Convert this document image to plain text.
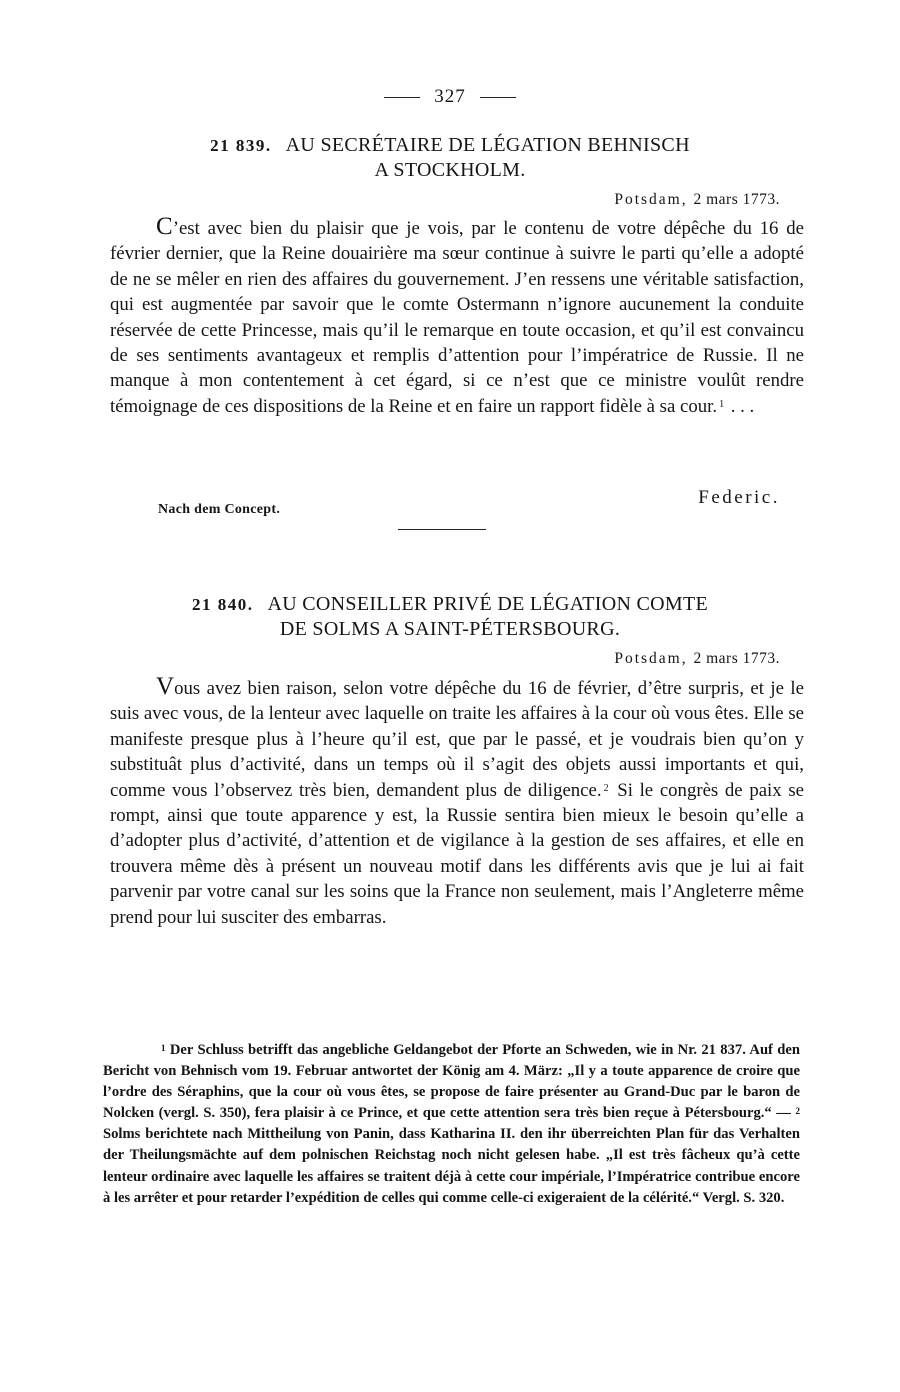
327
21 839. AU SECRÉTAIRE DE LÉGATION BEHNISCH
A STOCKHOLM.
Potsdam, 2 mars 1773.

C’est avec bien du plaisir que je vois, par le contenu de votre dépêche du 16 de février dernier, que la Reine douairière ma sœur continue à suivre le parti qu’elle a adopté de ne se mêler en rien des affaires du gouvernement. J’en ressens une véritable satisfaction, qui est augmentée par savoir que le comte Ostermann n’ignore aucunement la conduite réservée de cette Princesse, mais qu’il le remarque en toute occasion, et qu’il est convaincu de ses sentiments avantageux et remplis d’attention pour l’impératrice de Russie. Il ne manque à mon contentement à cet égard, si ce n’est que ce ministre voulût rendre témoignage de ces dispositions de la Reine et en faire un rapport fidèle à sa cour. $^1$ . . .

Federic.
Nach dem Concept.
21 840. AU CONSEILLER PRIVÉ DE LÉGATION COMTE
DE SOLMS A SAINT-PÉTERSBOURG.
Potsdam, 2 mars 1773.

Vous avez bien raison, selon votre dépêche du 16 de février, d’être surpris, et je le suis avec vous, de la lenteur avec laquelle on traite les affaires à la cour où vous êtes. Elle se manifeste presque plus à l’heure qu’il est, que par le passé, et je voudrais bien qu’on y substituât plus d’activité, dans un temps où il s’agit des objets aussi importants et qui, comme vous l’observez très bien, demandent plus de diligence. $^2$ Si le congrès de paix se rompt, ainsi que toute apparence y est, la Russie sentira bien mieux le besoin qu’elle a d’adopter plus d’activité, d’attention et de vigilance à la gestion de ses affaires, et elle en trouvera même dès à présent un nouveau motif dans les différents avis que je lui ai fait parvenir par votre canal sur les soins que la France non seulement, mais l’Angleterre même prend pour lui susciter des embarras.

$^1$ Der Schluss betrifft das angebliche Geldangebot der Pforte an Schweden, wie in Nr. 21 837. Auf den Bericht von Behnisch vom 19. Februar antwortet der König am 4. März: „Il y a toute apparence de croire que l’ordre des Séraphins, que la cour où vous êtes, se propose de faire présenter au Grand-Duc par le baron de Nolcken (vergl. S. 350), fera plaisir à ce Prince, et que cette attention sera très bien reçue à Pétersbourg.“ — $^2$ Solms berichtete nach Mittheilung von Panin, dass Katharina II. den ihr überreichten Plan für das Verhalten der Theilungsmächte auf dem polnischen Reichstag noch nicht gelesen habe. „Il est très fâcheux qu’à cette lenteur ordinaire avec laquelle les affaires se traitent déjà à cette cour impériale, l’Impératrice contribue encore à les arrêter et pour retarder l’expédition de celles qui comme celle-ci exigeraient de la célérité.“ Vergl. S. 320.
